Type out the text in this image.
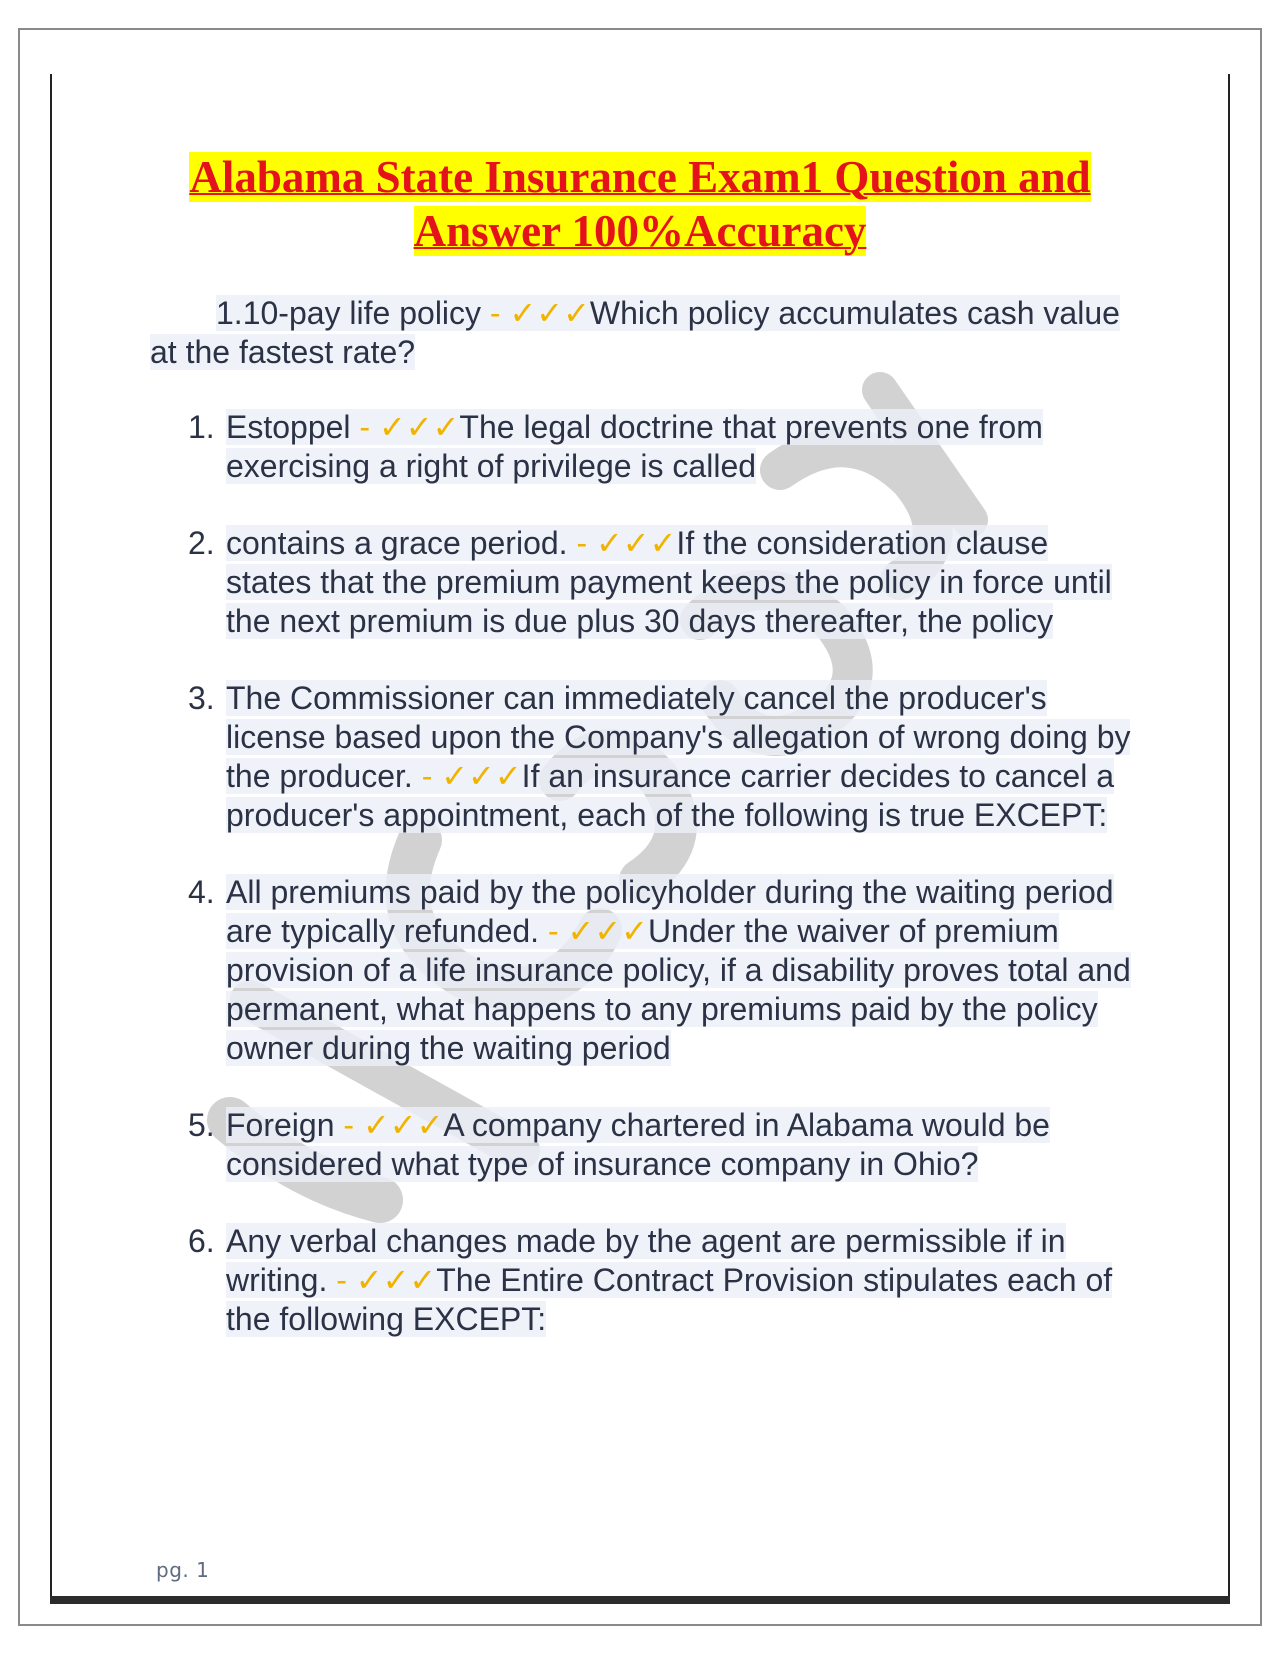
Alabama State Insurance Exam1 Question and
Answer 100%Accuracy

1.10-pay life policy - ✓✓✓Which policy accumulates cash value at the fastest rate?

1. Estoppel - ✓✓✓The legal doctrine that prevents one from exercising a right of privilege is called
2. contains a grace period. - ✓✓✓If the consideration clause states that the premium payment keeps the policy in force until the next premium is due plus 30 days thereafter, the policy
3. The Commissioner can immediately cancel the producer's license based upon the Company's allegation of wrong doing by the producer. - ✓✓✓If an insurance carrier decides to cancel a producer's appointment, each of the following is true EXCEPT:
4. All premiums paid by the policyholder during the waiting period are typically refunded. - ✓✓✓Under the waiver of premium provision of a life insurance policy, if a disability proves total and permanent, what happens to any premiums paid by the policy owner during the waiting period
5. Foreign - ✓✓✓A company chartered in Alabama would be considered what type of insurance company in Ohio?
6. Any verbal changes made by the agent are permissible if in writing. - ✓✓✓The Entire Contract Provision stipulates each of the following EXCEPT:
pg. 1
